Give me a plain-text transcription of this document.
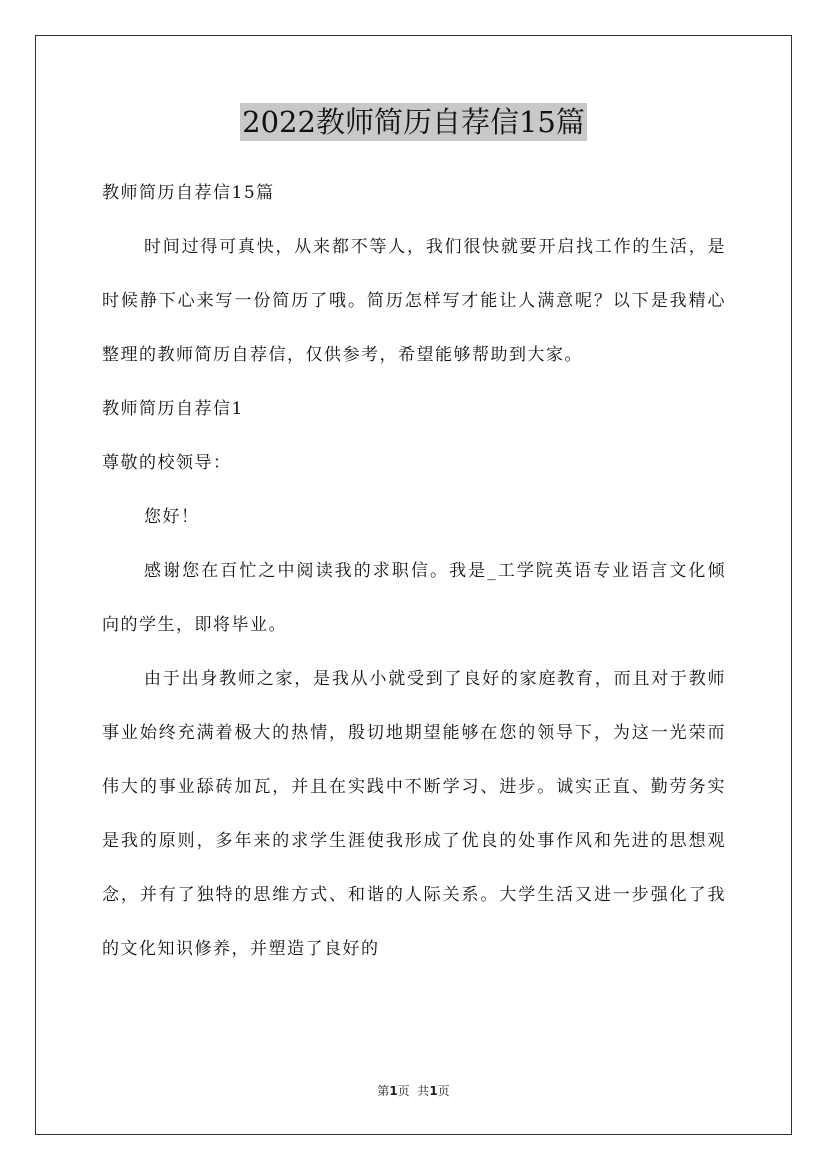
2022教师简历自荐信15篇

教师简历自荐信15篇

时间过得可真快，从来都不等人，我们很快就要开启找工作的生活，是时候静下心来写一份简历了哦。简历怎样写才能让人满意呢？以下是我精心整理的教师简历自荐信，仅供参考，希望能够帮助到大家。

教师简历自荐信1

尊敬的校领导：

您好！

感谢您在百忙之中阅读我的求职信。我是_工学院英语专业语言文化倾向的学生，即将毕业。

由于出身教师之家，是我从小就受到了良好的家庭教育，而且对于教师事业始终充满着极大的热情，殷切地期望能够在您的领导下，为这一光荣而伟大的事业舔砖加瓦，并且在实践中不断学习、进步。诚实正直、勤劳务实是我的原则，多年来的求学生涯使我形成了优良的处事作风和先进的思想观念，并有了独特的思维方式、和谐的人际关系。大学生活又进一步强化了我的文化知识修养，并塑造了良好的

第1页  共1页
